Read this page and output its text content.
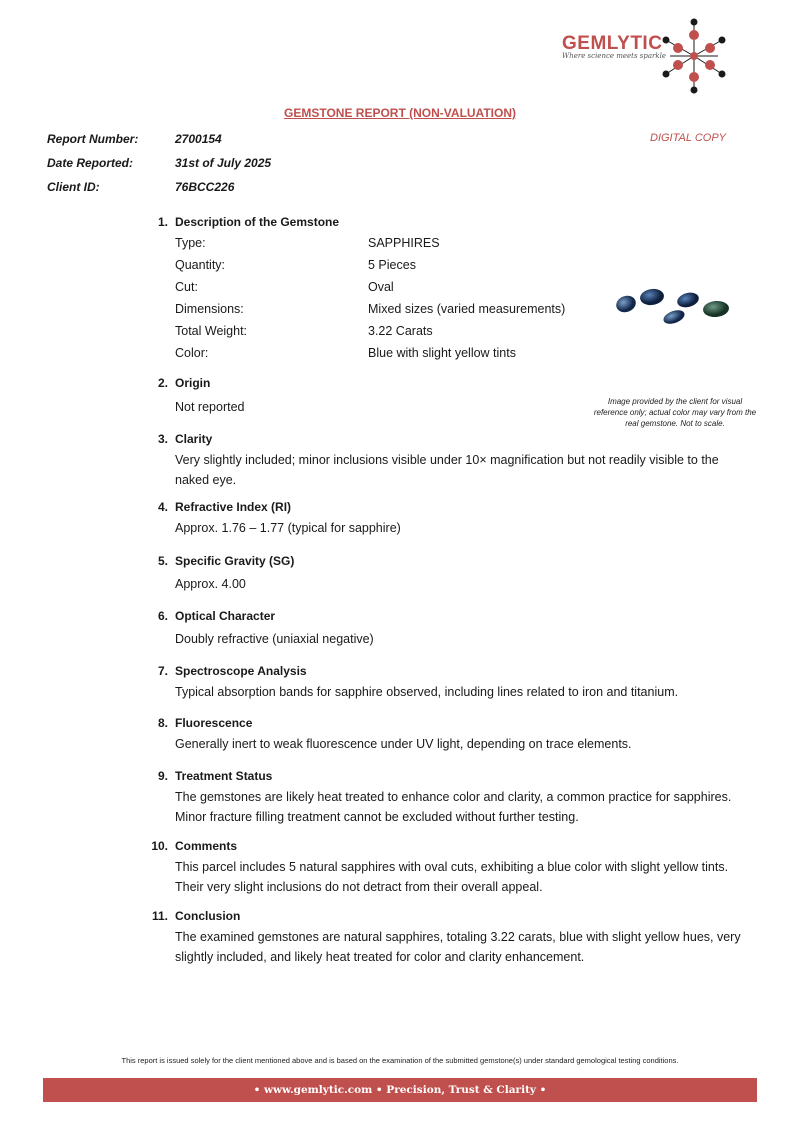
GEMLYTIC
Where science meets sparkle
GEMSTONE REPORT (NON-VALUATION)
DIGITAL COPY
Report Number:	2700154
Date Reported:	31st of July 2025
Client ID:	76BCC226
1. Description of the Gemstone
Type:	SAPPHIRES
Quantity:	5 Pieces
Cut:	Oval
Dimensions:	Mixed sizes (varied measurements)
Total Weight:	3.22 Carats
Color:	Blue with slight yellow tints
Image provided by the client for visual reference only; actual color may vary from the real gemstone. Not to scale.
2. Origin
Not reported
3. Clarity
Very slightly included; minor inclusions visible under 10× magnification but not readily visible to the naked eye.
4. Refractive Index (RI)
Approx. 1.76 – 1.77 (typical for sapphire)
5. Specific Gravity (SG)
Approx. 4.00
6. Optical Character
Doubly refractive (uniaxial negative)
7. Spectroscope Analysis
Typical absorption bands for sapphire observed, including lines related to iron and titanium.
8. Fluorescence
Generally inert to weak fluorescence under UV light, depending on trace elements.
9. Treatment Status
The gemstones are likely heat treated to enhance color and clarity, a common practice for sapphires. Minor fracture filling treatment cannot be excluded without further testing.
10. Comments
This parcel includes 5 natural sapphires with oval cuts, exhibiting a blue color with slight yellow tints. Their very slight inclusions do not detract from their overall appeal.
11. Conclusion
The examined gemstones are natural sapphires, totaling 3.22 carats, blue with slight yellow hues, very slightly included, and likely heat treated for color and clarity enhancement.
This report is issued solely for the client mentioned above and is based on the examination of the submitted gemstone(s) under standard gemological testing conditions.
• www.gemlytic.com • Precision, Trust & Clarity •
